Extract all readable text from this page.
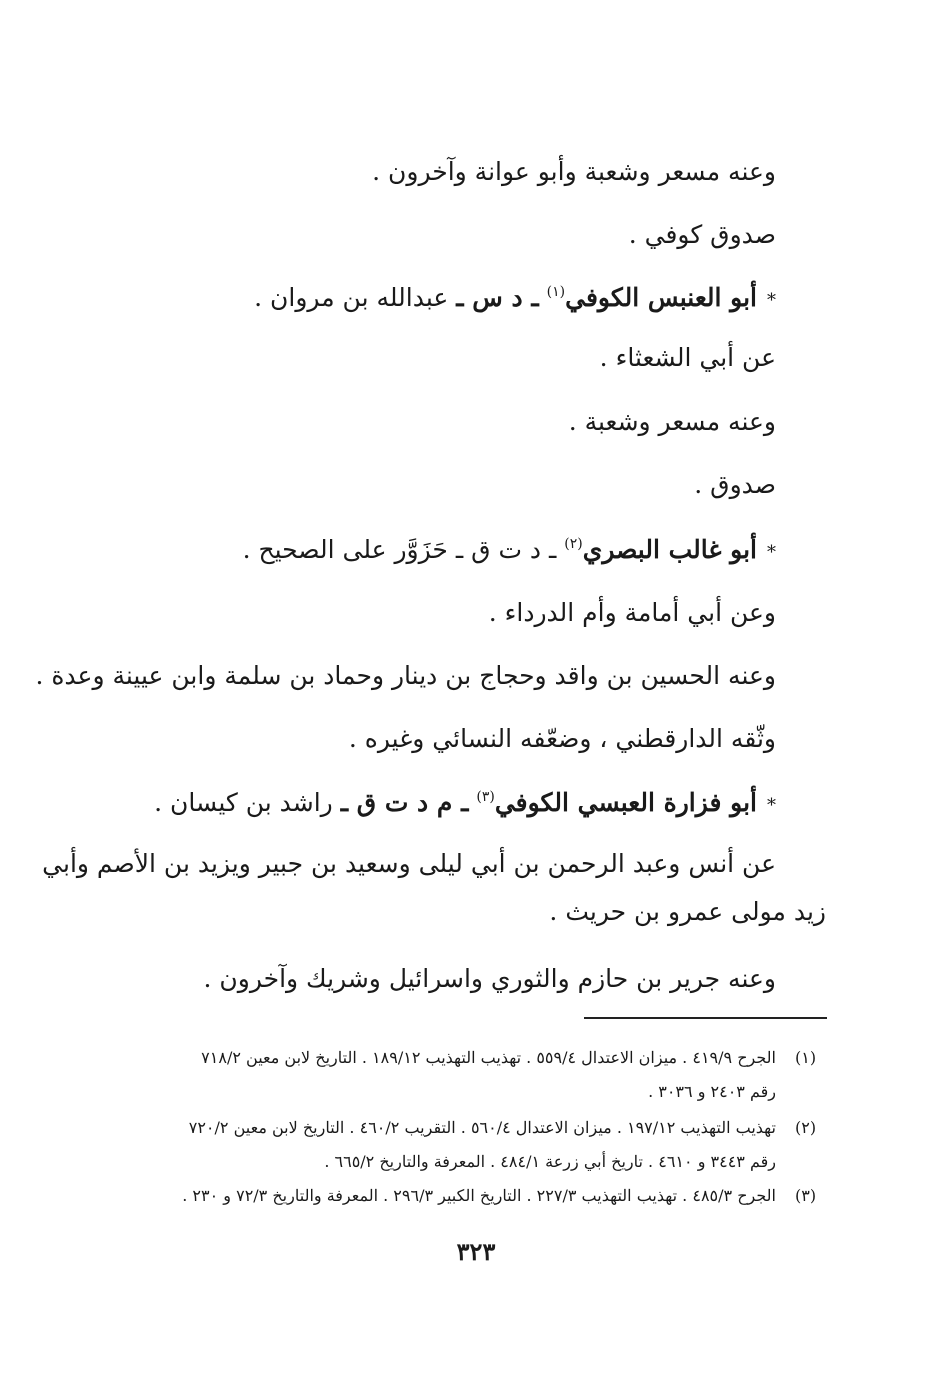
وعنه مسعر وشعبة وأبو عوانة وآخرون .
صدوق كوفي .
*أبو العنبس الكوفي$^{(١)}$ ـ د س ـ عبدالله بن مروان .
عن أبي الشعثاء .
وعنه مسعر وشعبة .
صدوق .
*أبو غالب البصري$^{(٢)}$ ـ د ت ق ـ حَزَوَّر على الصحيح .
وعن أبي أمامة وأم الدرداء .
وعنه الحسين بن واقد وحجاج بن دينار وحماد بن سلمة وابن عيينة وعدة .
وثّقه الدارقطني ، وضعّفه النسائي وغيره .
*أبو فزارة العبسي الكوفي$^{(٣)}$ ـ م د ت ق ـ راشد بن كيسان .
عن أنس وعبد الرحمن بن أبي ليلى وسعيد بن جبير ويزيد بن الأصم وأبي
زيد مولى عمرو بن حريث .
وعنه جرير بن حازم والثوري واسرائيل وشريك وآخرون .
(١)
الجرح ٤١٩/٩ . ميزان الاعتدال ٥٥٩/٤ . تهذيب التهذيب ١٨٩/١٢ . التاريخ لابن معين ٧١٨/٢
رقم ٢٤٠٣ و ٣٠٣٦ .
(٢)
تهذيب التهذيب ١٩٧/١٢ . ميزان الاعتدال ٥٦٠/٤ . التقريب ٤٦٠/٢ . التاريخ لابن معين ٧٢٠/٢
رقم ٣٤٤٣ و ٤٦١٠ . تاريخ أبي زرعة ٤٨٤/١ . المعرفة والتاريخ ٦٦٥/٢ .
(٣)
الجرح ٤٨٥/٣ . تهذيب التهذيب ٢٢٧/٣ . التاريخ الكبير ٢٩٦/٣ . المعرفة والتاريخ ٧٢/٣ و ٢٣٠ .
٣٢٣
